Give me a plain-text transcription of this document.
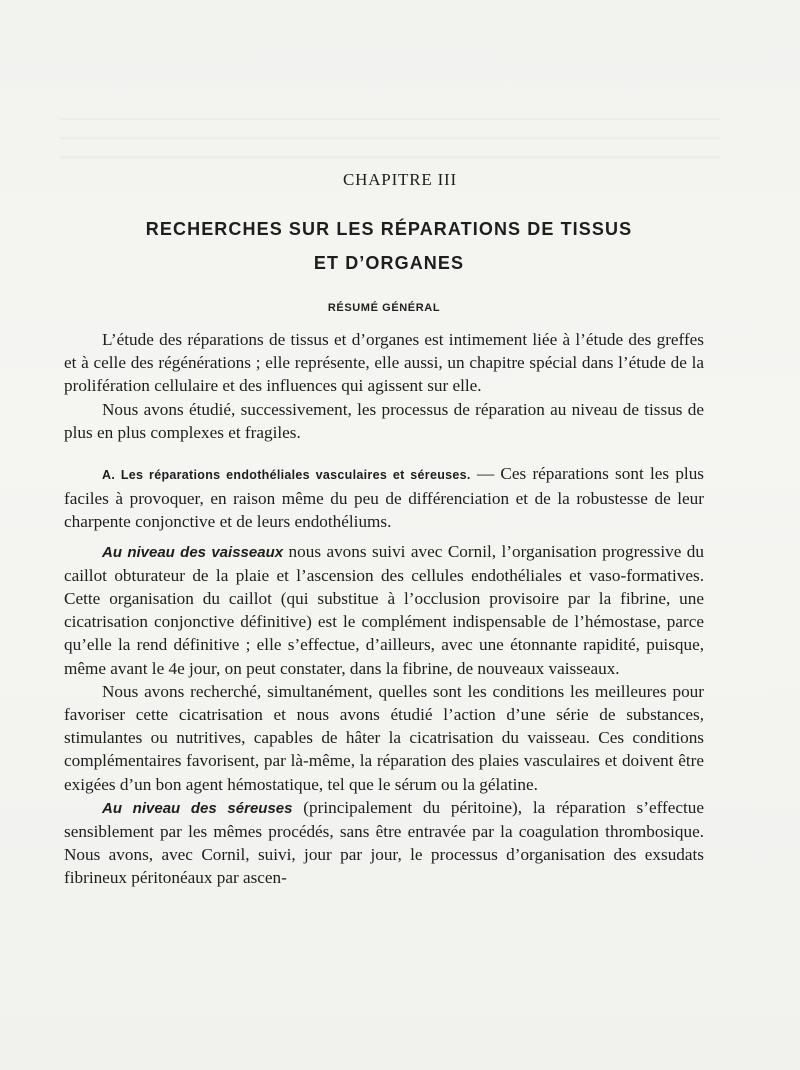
CHAPITRE III
RECHERCHES SUR LES RÉPARATIONS DE TISSUS
ET D’ORGANES
RÉSUMÉ GÉNÉRAL

L’étude des réparations de tissus et d’organes est intimement liée à l’étude des greffes et à celle des régénérations ; elle représente, elle aussi, un chapitre spécial dans l’étude de la prolifération cellulaire et des influences qui agissent sur elle.

Nous avons étudié, successivement, les processus de réparation au niveau de tissus de plus en plus complexes et fragiles.

A. Les réparations endothéliales vasculaires et séreuses. — Ces réparations sont les plus faciles à provoquer, en raison même du peu de différenciation et de la robustesse de leur charpente conjonctive et de leurs endothéliums.

Au niveau des vaisseaux nous avons suivi avec Cornil, l’organisation progressive du caillot obturateur de la plaie et l’ascension des cellules endothéliales et vaso-formatives. Cette organisation du caillot (qui substitue à l’occlusion provisoire par la fibrine, une cicatrisation conjonctive définitive) est le complément indispensable de l’hémostase, parce qu’elle la rend définitive ; elle s’effectue, d’ailleurs, avec une étonnante rapidité, puisque, même avant le 4e jour, on peut constater, dans la fibrine, de nouveaux vaisseaux.

Nous avons recherché, simultanément, quelles sont les conditions les meilleures pour favoriser cette cicatrisation et nous avons étudié l’action d’une série de substances, stimulantes ou nutritives, capables de hâter la cicatrisation du vaisseau. Ces conditions complémentaires favorisent, par là-même, la réparation des plaies vasculaires et doivent être exigées d’un bon agent hémostatique, tel que le sérum ou la gélatine.

Au niveau des séreuses (principalement du péritoine), la réparation s’effectue sensiblement par les mêmes procédés, sans être entravée par la coagulation thrombosique. Nous avons, avec Cornil, suivi, jour par jour, le processus d’organisation des exsudats fibrineux péritonéaux par ascen-
